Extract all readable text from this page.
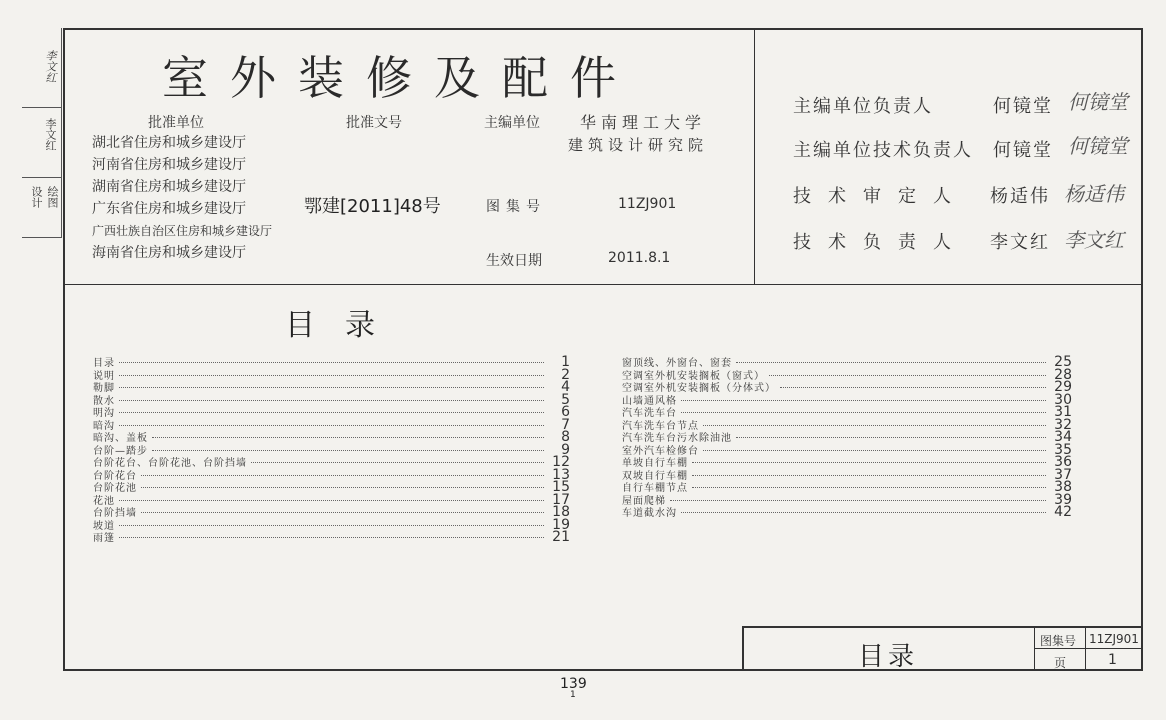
李文红
李文红
设计 绘图
室外装修及配件
批准单位	批准文号	主编单位	华南理工大学
建筑设计研究院
湖北省住房和城乡建设厅
河南省住房和城乡建设厅
湖南省住房和城乡建设厅
广东省住房和城乡建设厅
广西壮族自治区住房和城乡建设厅
海南省住房和城乡建设厅
鄂建[2011]48号	图集号	11ZJ901
生效日期	2011.8.1
主编单位负责人	何镜堂 何镜堂
主编单位技术负责人 何镜堂 何镜堂
技术审定人 杨适伟 杨适伟
技术负责人 李文红 李文红
目录
目录	1
说明	2
勒脚	4
散水	5
明沟	6
暗沟	7
暗沟、盖板	8
台阶—踏步	9
台阶花台、台阶花池、台阶挡墙	12
台阶花台	13
台阶花池	15
花池	17
台阶挡墙	18
坡道	19
雨篷	21
窗顶线、外窗台、窗套	25
空调室外机安装搁板（窗式）	28
空调室外机安装搁板（分体式）	29
山墙通风格	30
汽车洗车台	31
汽车洗车台节点	32
汽车洗车台污水除油池	34
室外汽车检修台	35
单坡自行车棚	36
双坡自行车棚	37
自行车棚节点	38
屋面爬梯	39
车道截水沟	42
目录
图集号 11ZJ901
页	1
139
1
